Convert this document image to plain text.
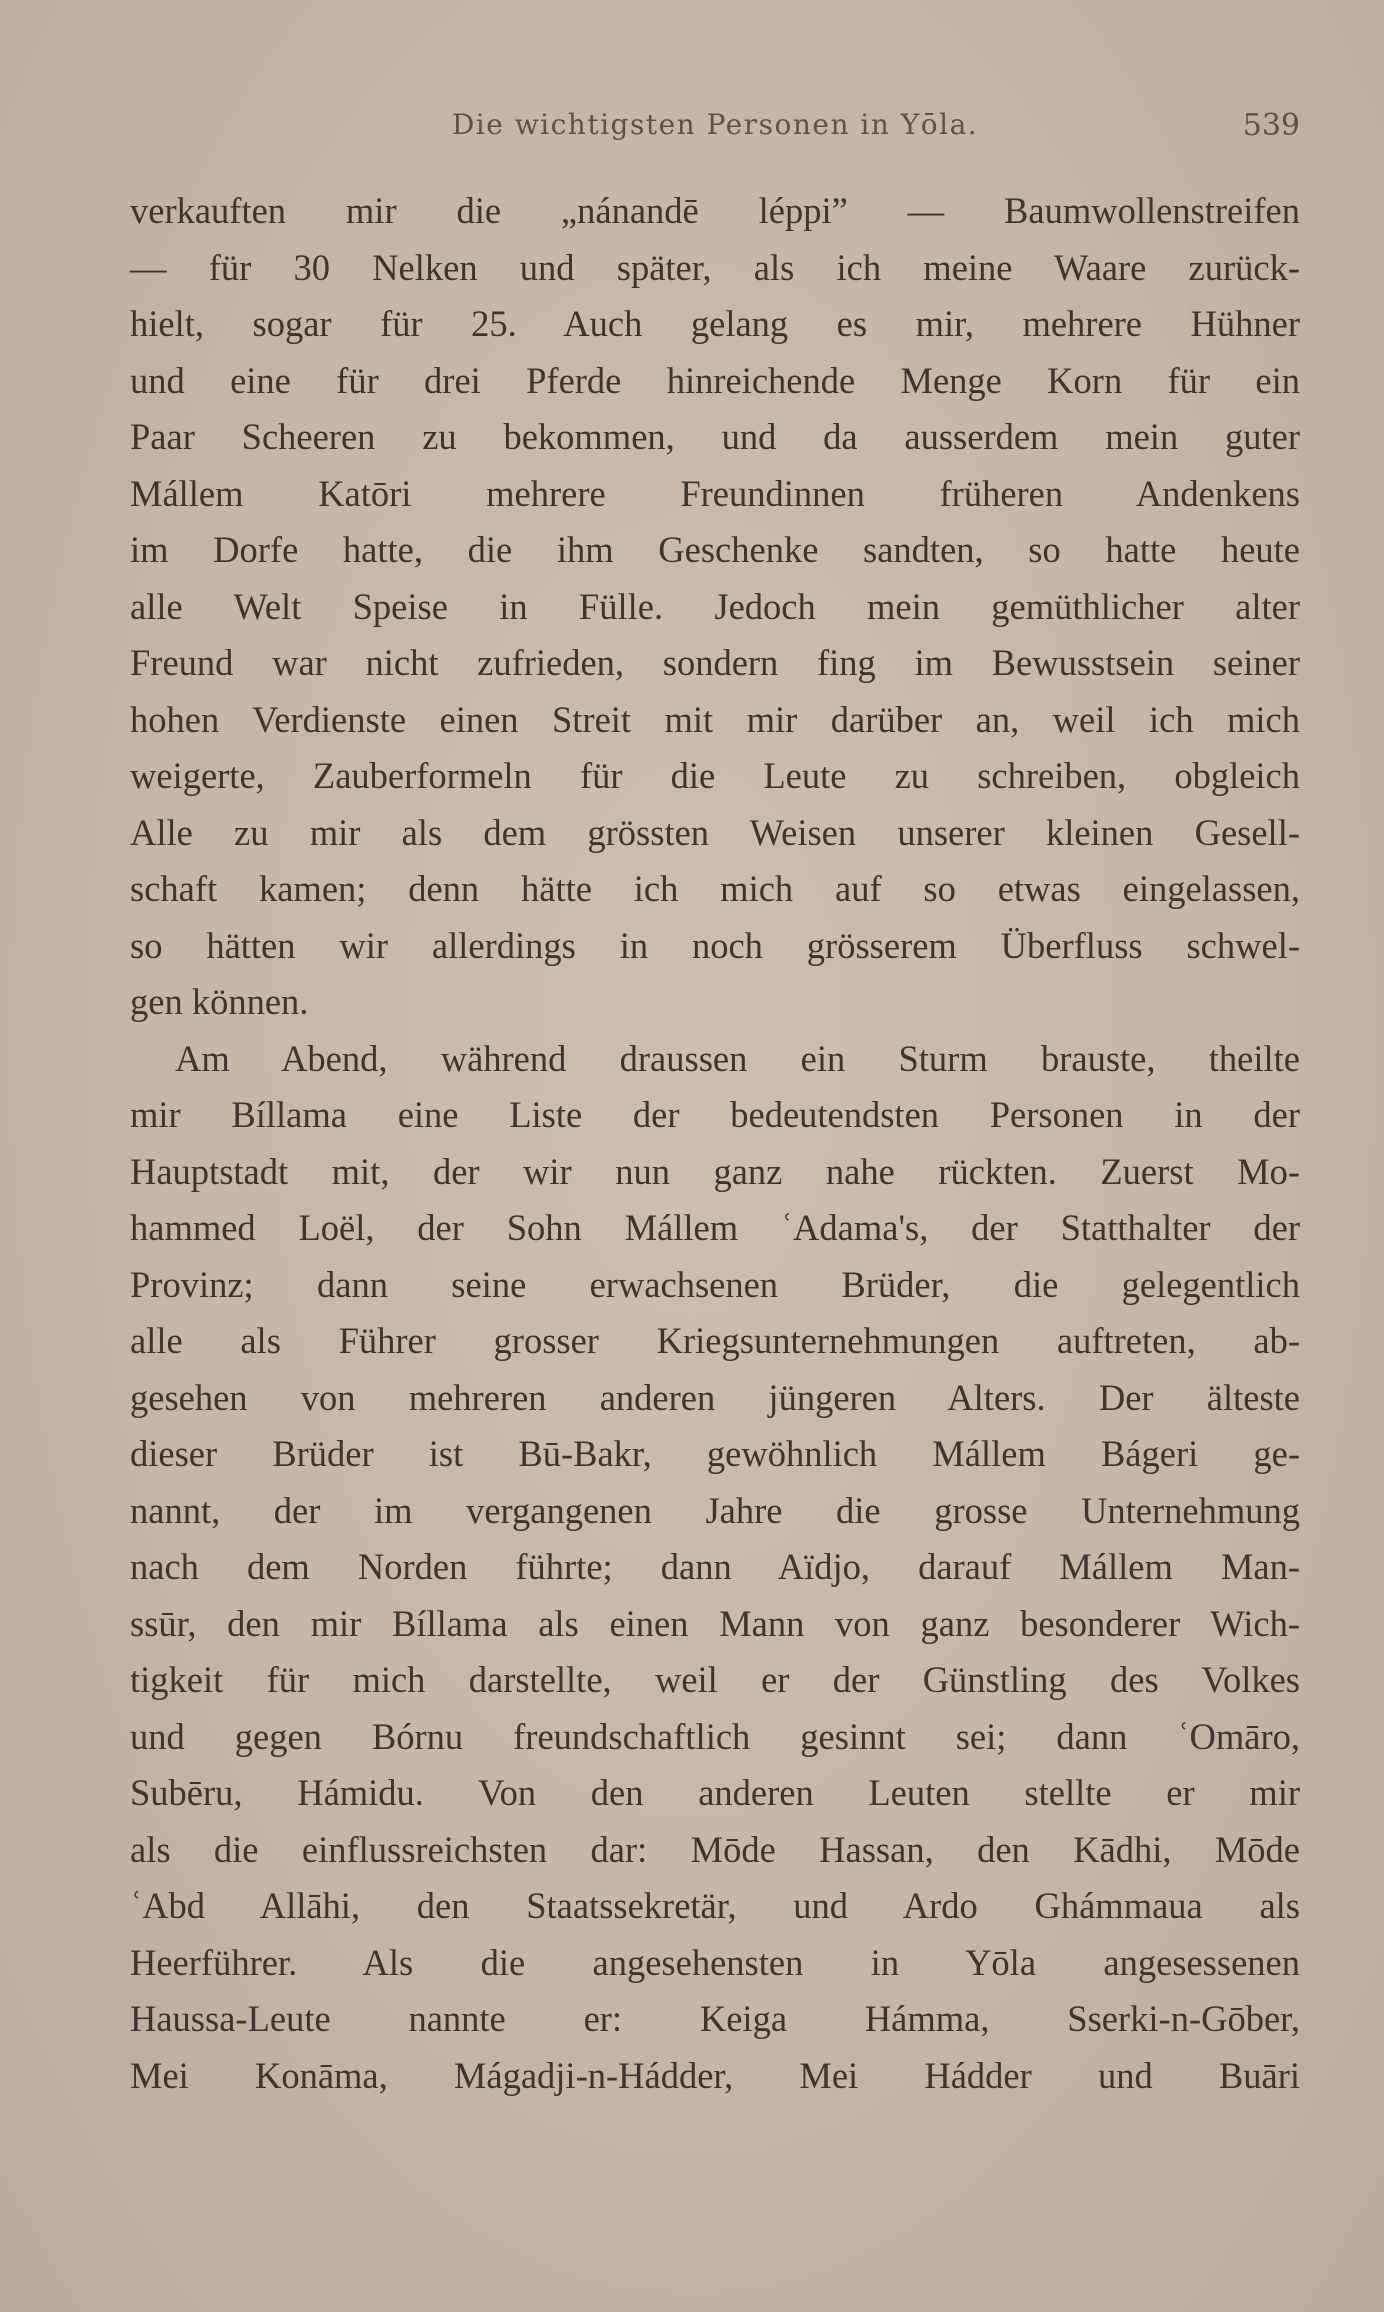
Die wichtigsten Personen in Yōla.	539
verkauften mir die „nánandē léppi” — Baumwollenstreifen
— für 30 Nelken und später, als ich meine Waare zurück-
hielt, sogar für 25. Auch gelang es mir, mehrere Hühner
und eine für drei Pferde hinreichende Menge Korn für ein
Paar Scheeren zu bekommen, und da ausserdem mein guter
Mállem Katōri mehrere Freundinnen früheren Andenkens
im Dorfe hatte, die ihm Geschenke sandten, so hatte heute
alle Welt Speise in Fülle. Jedoch mein gemüthlicher alter
Freund war nicht zufrieden, sondern fing im Bewusstsein seiner
hohen Verdienste einen Streit mit mir darüber an, weil ich mich
weigerte, Zauberformeln für die Leute zu schreiben, obgleich
Alle zu mir als dem grössten Weisen unserer kleinen Gesell-
schaft kamen; denn hätte ich mich auf so etwas eingelassen,
so hätten wir allerdings in noch grösserem Überfluss schwel-
gen können.
Am Abend, während draussen ein Sturm brauste, theilte
mir Bíllama eine Liste der bedeutendsten Personen in der
Hauptstadt mit, der wir nun ganz nahe rückten. Zuerst Mo-
hammed Loël, der Sohn Mállem ʿAdama's, der Statthalter der
Provinz; dann seine erwachsenen Brüder, die gelegentlich
alle als Führer grosser Kriegsunternehmungen auftreten, ab-
gesehen von mehreren anderen jüngeren Alters. Der älteste
dieser Brüder ist Bū-Bakr, gewöhnlich Mállem Bágeri ge-
nannt, der im vergangenen Jahre die grosse Unternehmung
nach dem Norden führte; dann Aïdjo, darauf Mállem Man-
ssūr, den mir Bíllama als einen Mann von ganz besonderer Wich-
tigkeit für mich darstellte, weil er der Günstling des Volkes
und gegen Bórnu freundschaftlich gesinnt sei; dann ʿOmāro,
Subēru, Hámidu. Von den anderen Leuten stellte er mir
als die einflussreichsten dar: Mōde Hassan, den Kādhi, Mōde
ʿAbd Allāhi, den Staatssekretär, und Ardo Ghámmaua als
Heerführer. Als die angesehensten in Yōla angesessenen
Haussa-Leute nannte er: Keiga Hámma, Sserki-n-Gōber,
Mei Konāma, Mágadji-n-Hádder, Mei Hádder und Buāri
